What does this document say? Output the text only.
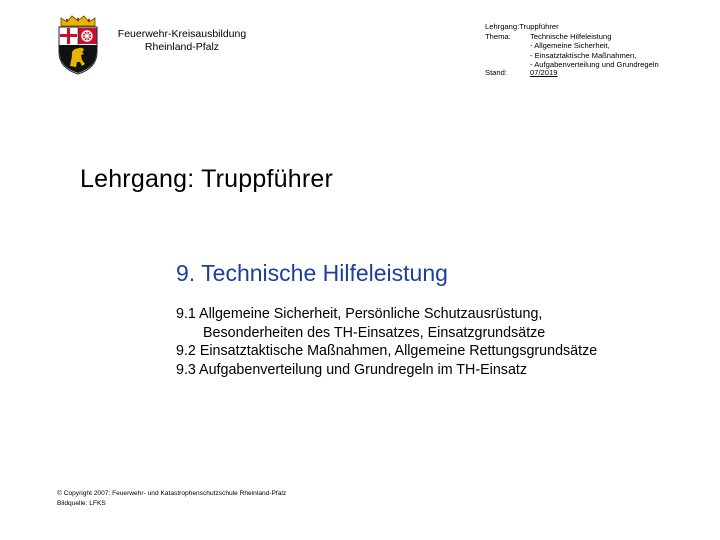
Feuerwehr-Kreisausbildung
Rheinland-Pfalz
Lehrgang: Truppführer
Thema:	Technische Hilfeleistung
- Allgemeine Sicherheit,
- Einsatztaktische Maßnahmen,
- Aufgabenverteilung und Grundregeln
Stand:	07/2019
Lehrgang: Truppführer
9. Technische Hilfeleistung
9.1 Allgemeine Sicherheit, Persönliche Schutzausrüstung,
Besonderheiten des TH-Einsatzes, Einsatzgrundsätze
9.2 Einsatztaktische Maßnahmen, Allgemeine Rettungsgrundsätze
9.3 Aufgabenverteilung und Grundregeln im TH-Einsatz
© Copyright 2007: Feuerwehr- und Katastrophenschutzschule Rheinland-Pfalz
Bildquelle: LFKS
